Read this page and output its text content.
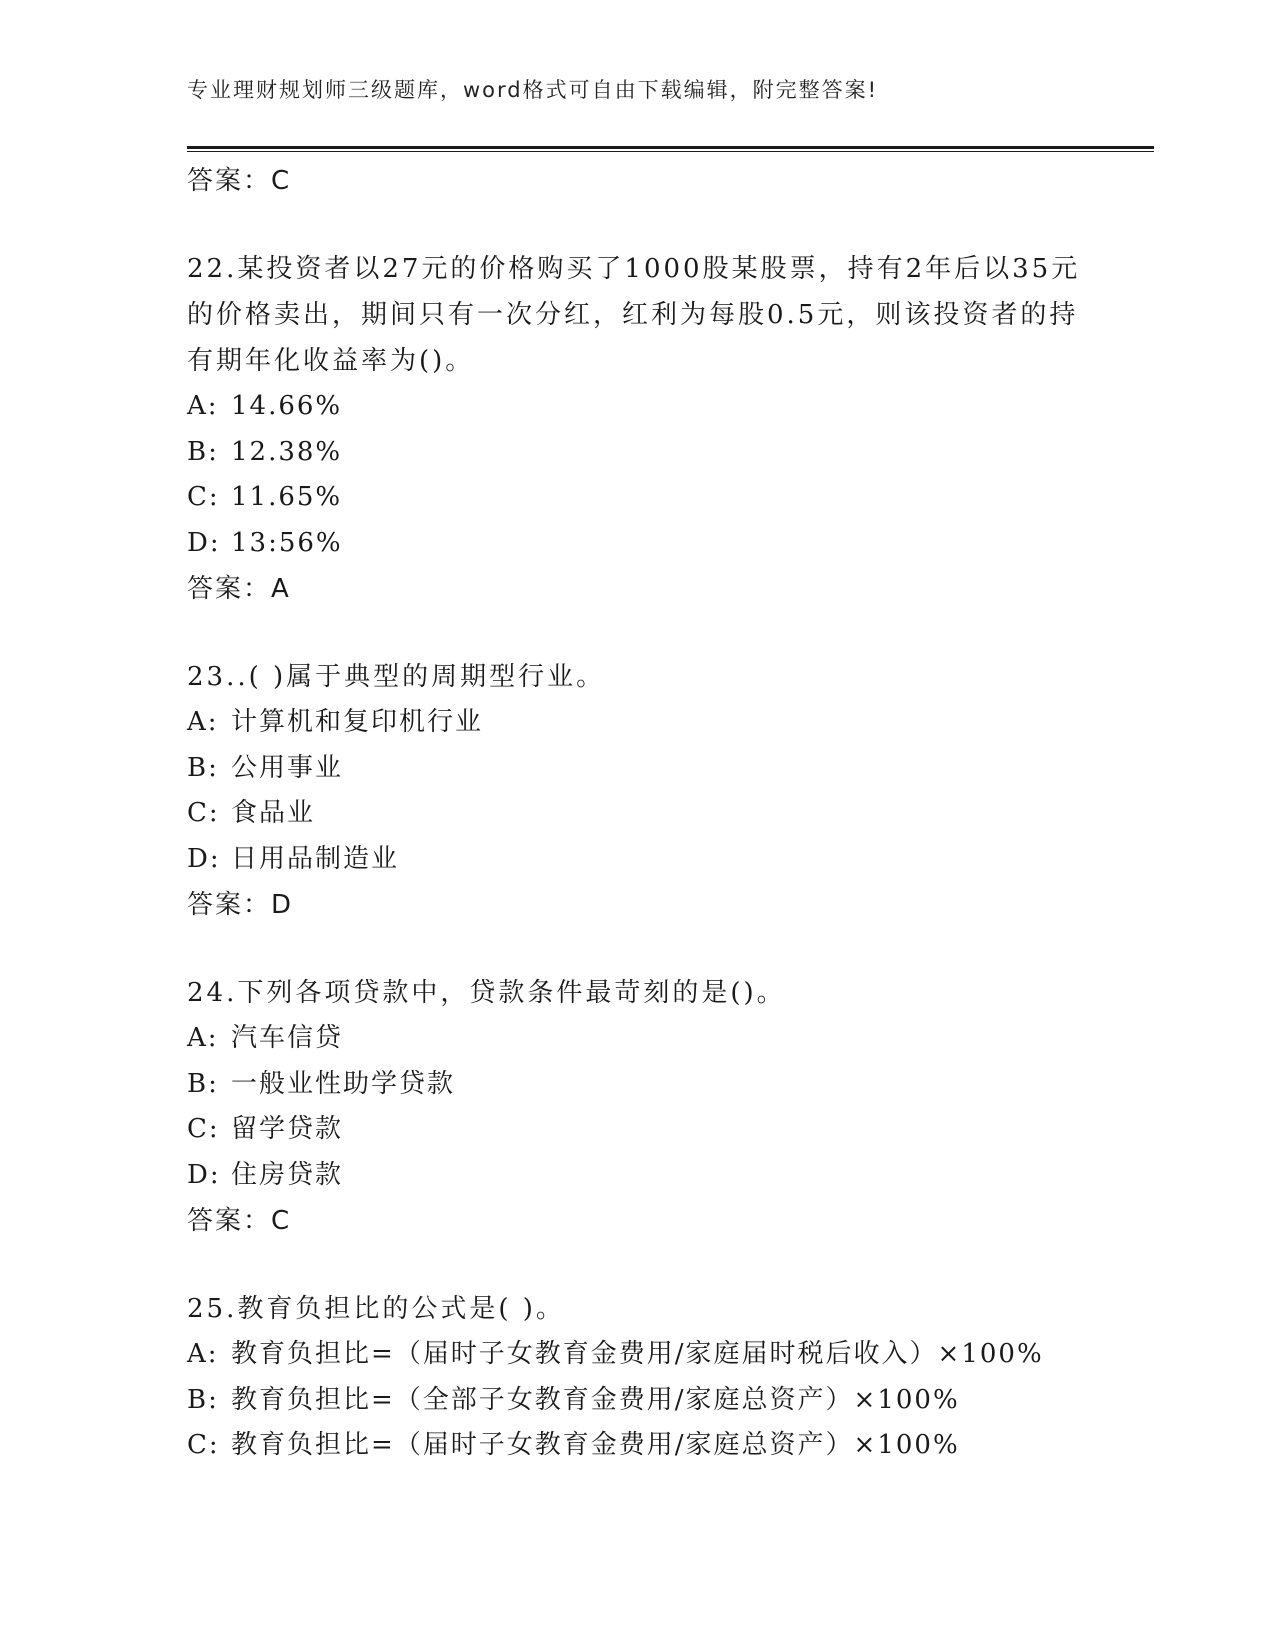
专业理财规划师三级题库，word格式可自由下载编辑，附完整答案!
答案：C
22.某投资者以27元的价格购买了1000股某股票，持有2年后以35元的价格卖出，期间只有一次分红，红利为每股0.5元，则该投资者的持有期年化收益率为()。
A: 14.66%
B: 12.38%
C: 11.65%
D: 13:56%
答案：A
23..( )属于典型的周期型行业。
A: 计算机和复印机行业
B: 公用事业
C: 食品业
D: 日用品制造业
答案：D
24.下列各项贷款中，贷款条件最苛刻的是()。
A: 汽车信贷
B: 一般业性助学贷款
C: 留学贷款
D: 住房贷款
答案：C
25.教育负担比的公式是( )。
A: 教育负担比=（届时子女教育金费用/家庭届时税后收入）×100%
B: 教育负担比=（全部子女教育金费用/家庭总资产）×100%
C: 教育负担比=（届时子女教育金费用/家庭总资产）×100%
